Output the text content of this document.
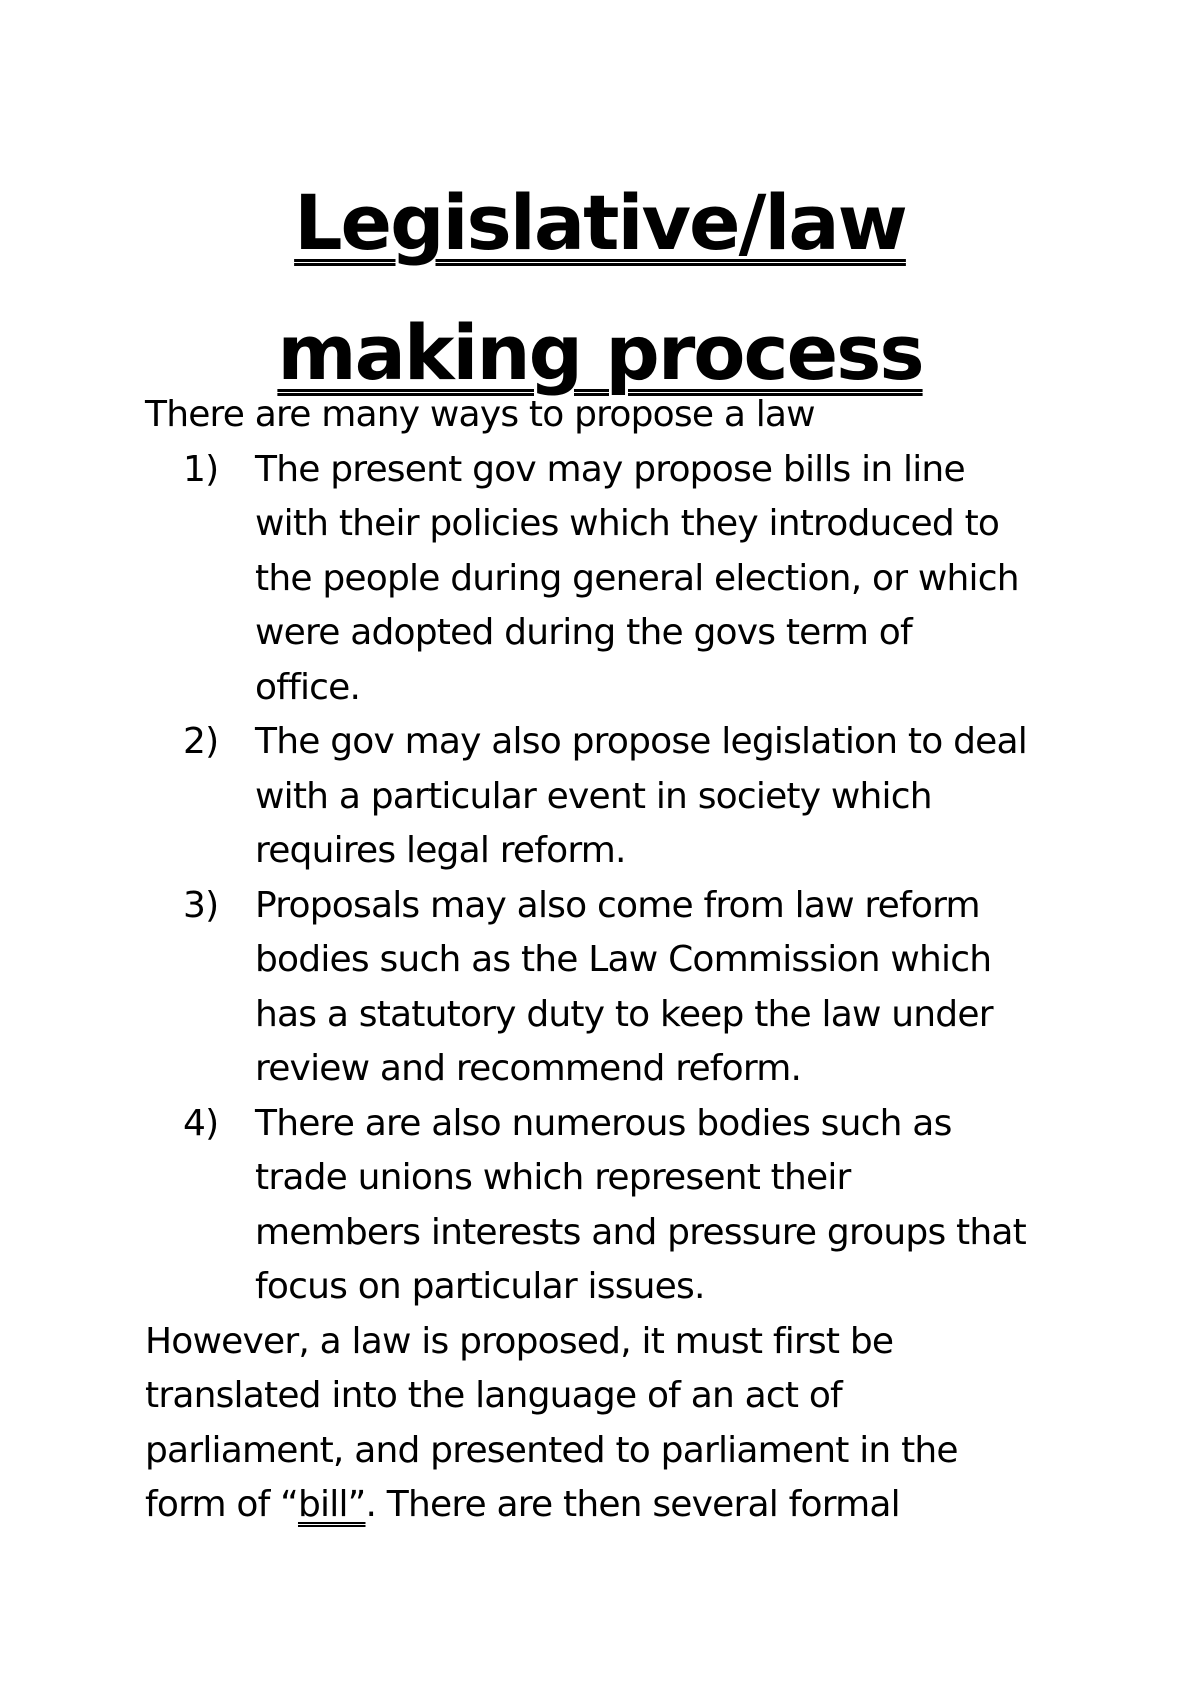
Legislative/law
making process

There are many ways to propose a law

1)	The present gov may propose bills in line
with their policies which they introduced to
the people during general election, or which
were adopted during the govs term of
office.
2)	The gov may also propose legislation to deal
with a particular event in society which
requires legal reform.
3)	Proposals may also come from law reform
bodies such as the Law Commission which
has a statutory duty to keep the law under
review and recommend reform.
4)	There are also numerous bodies such as
trade unions which represent their
members interests and pressure groups that
focus on particular issues.
However, a law is proposed, it must first be
translated into the language of an act of
parliament, and presented to parliament in the
form of “bill”. There are then several formal
